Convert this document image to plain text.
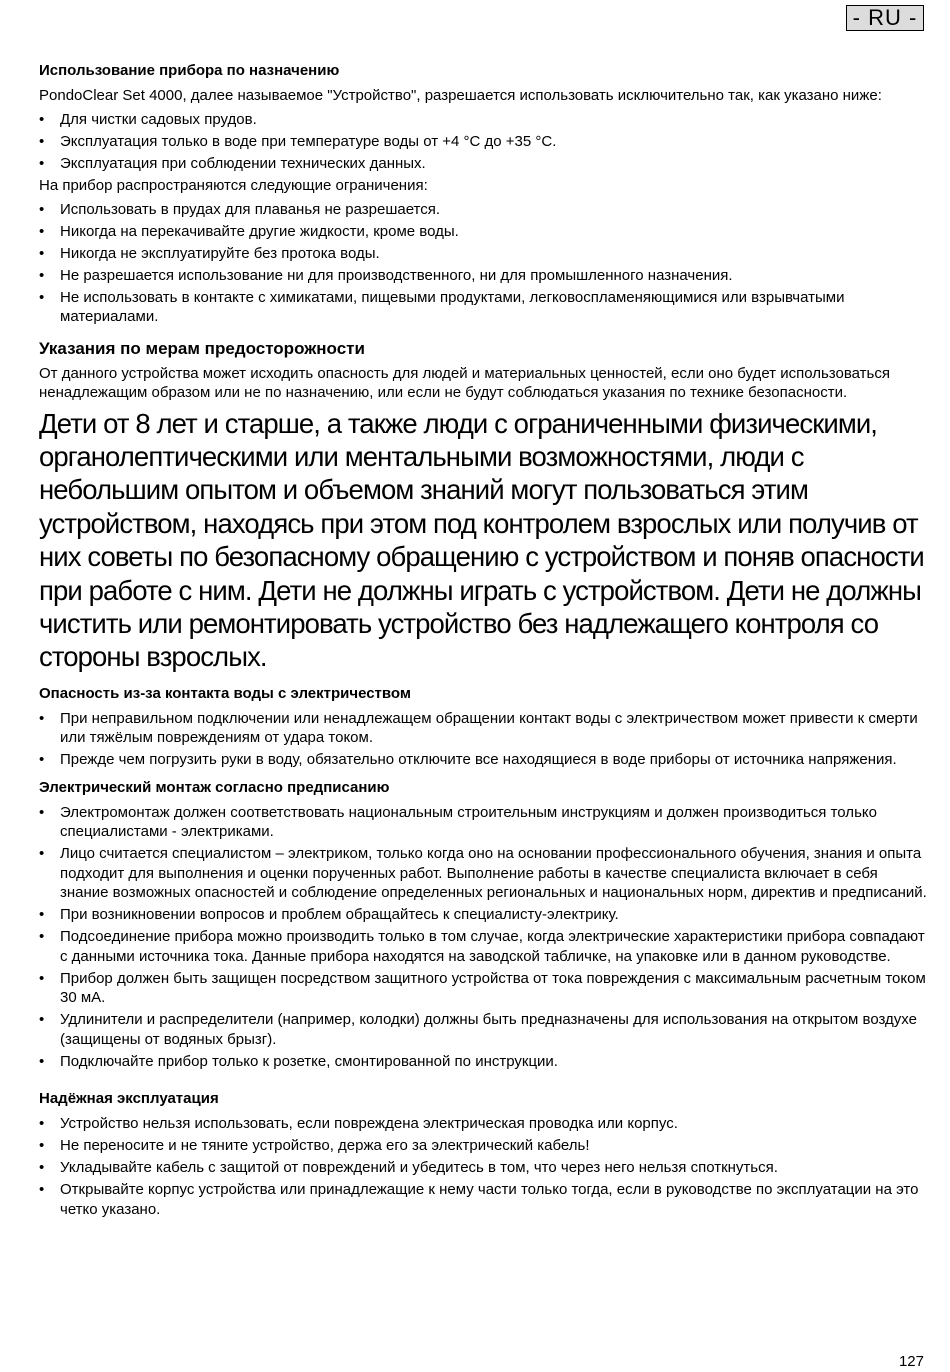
- RU -
Использование прибора по назначению

PondoClear Set 4000, далее называемое "Устройство", разрешается использовать исключительно так, как указано ниже:

• Для чистки садовых прудов.
• Эксплуатация только в воде при температуре воды от +4 °C до +35 °C.
• Эксплуатация при соблюдении технических данных.

На прибор распространяются следующие ограничения:

• Использовать в прудах для плаванья не разрешается.
• Никогда на перекачивайте другие жидкости, кроме воды.
• Никогда не эксплуатируйте без протока воды.
• Не разрешается использование ни для производственного, ни для промышленного назначения.
• Не использовать в контакте с химикатами, пищевыми продуктами, легковоспламеняющимися или взрывчатыми материалами.
Указания по мерам предосторожности

От данного устройства может исходить опасность для людей и материальных ценностей, если оно будет использоваться ненадлежащим образом или не по назначению, или если не будут соблюдаться указания по технике безопасности.

Дети от 8 лет и старше, а также люди с ограниченными физическими, органолептическими или ментальными возможностями, люди с небольшим опытом и объемом знаний могут пользоваться этим устройством, находясь при этом под контролем взрослых или получив от них советы по безопасному обращению с устройством и поняв опасности при работе с ним. Дети не должны играть с устройством. Дети не должны чистить или ремонтировать устройство без надлежащего контроля со стороны взрослых.
Опасность из-за контакта воды с электричеством
• При неправильном подключении или ненадлежащем обращении контакт воды с электричеством может привести к смерти или тяжёлым повреждениям от удара током.
• Прежде чем погрузить руки в воду, обязательно отключите все находящиеся в воде приборы от источника напряжения.
Электрический монтаж согласно предписанию
• Электромонтаж должен соответствовать национальным строительным инструкциям и должен производиться только специалистами - электриками.
• Лицо считается специалистом – электриком, только когда оно на основании профессионального обучения, знания и опыта подходит для выполнения и оценки порученных работ. Выполнение работы в качестве специалиста включает в себя знание возможных опасностей и соблюдение определенных региональных и национальных норм, директив и предписаний.
• При возникновении вопросов и проблем обращайтесь к специалисту-электрику.
• Подсоединение прибора можно производить только в том случае, когда электрические характеристики прибора совпадают с данными источника тока. Данные прибора находятся на заводской табличке, на упаковке или в данном руководстве.
• Прибор должен быть защищен посредством защитного устройства от тока повреждения с максимальным расчетным током 30 мА.
• Удлинители и распределители (например, колодки) должны быть предназначены для использования на открытом воздухе (защищены от водяных брызг).
• Подключайте прибор только к розетке, смонтированной по инструкции.
Надёжная эксплуатация
• Устройство нельзя использовать, если повреждена электрическая проводка или корпус.
• Не переносите и не тяните устройство, держа его за электрический кабель!
• Укладывайте кабель с защитой от повреждений и убедитесь в том, что через него нельзя споткнуться.
• Открывайте корпус устройства или принадлежащие к нему части только тогда, если в руководстве по эксплуатации на это четко указано.
127
